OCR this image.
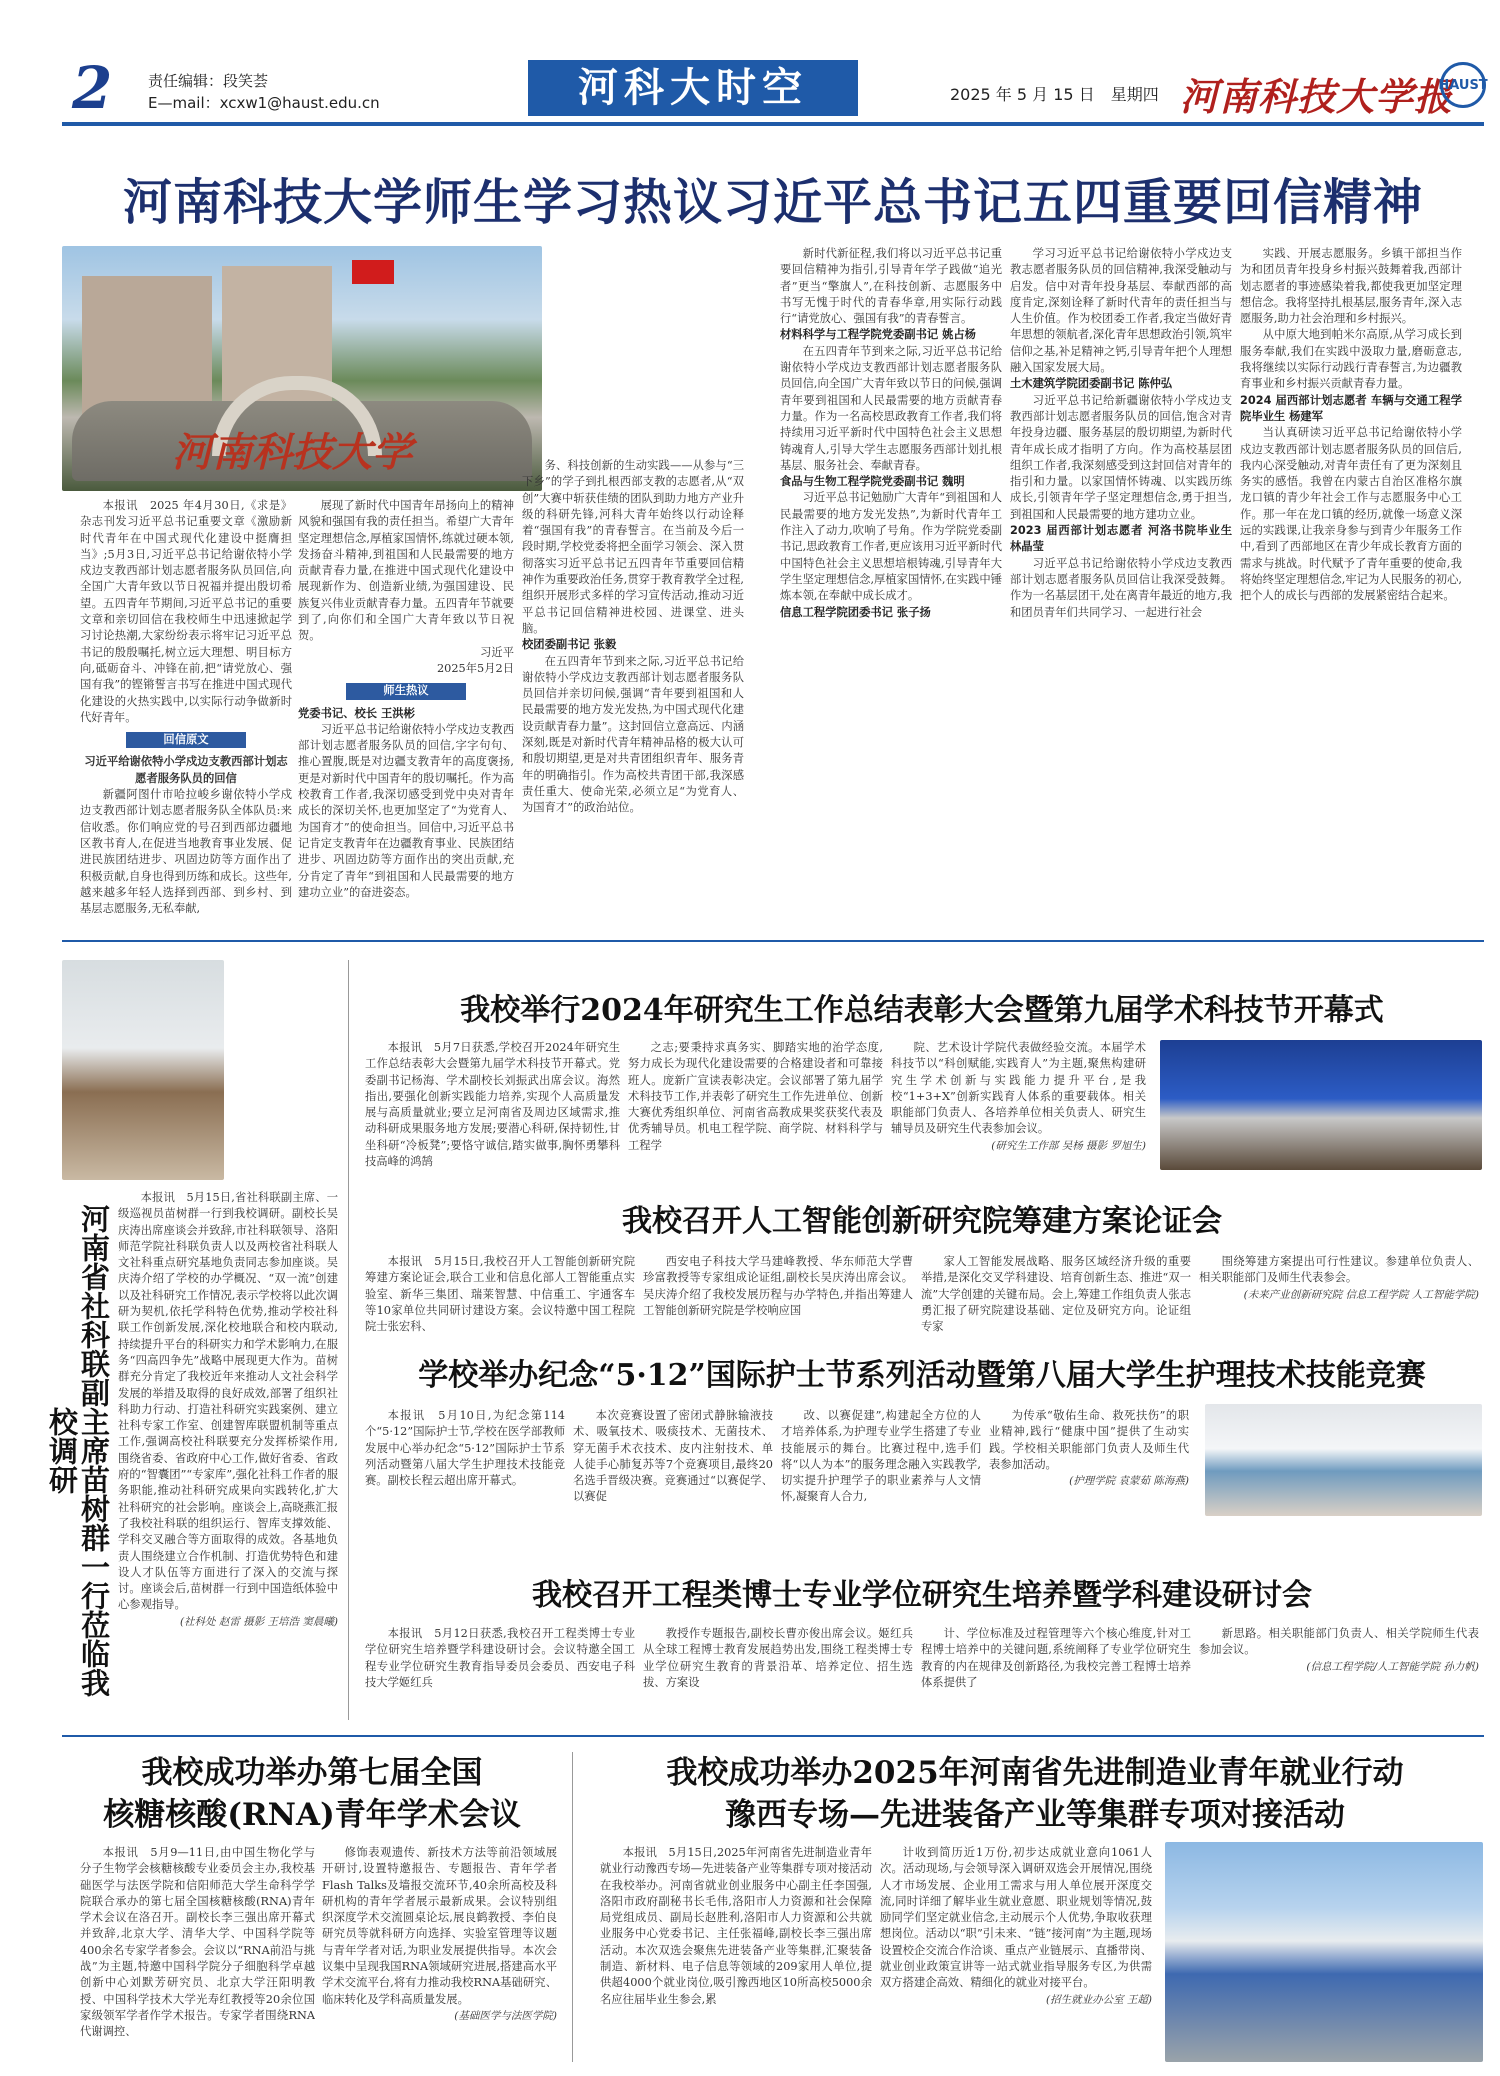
2	责任编辑：段笑荟
E—mail：xcxw1@haust.edu.cn	河科大时空	2025 年 5 月 15 日　星期四 河南科技大学报
HAUST
河南科技大学师生学习热议习近平总书记五四重要回信精神
河南科技大学

本报讯　2025 年4月30日,《求是》杂志刊发习近平总书记重要文章《激励新时代青年在中国式现代化建设中挺膺担当》;5月3日,习近平总书记给谢依特小学戍边支教西部计划志愿者服务队员回信,向全国广大青年致以节日祝福并提出殷切希望。五四青年节期间,习近平总书记的重要文章和亲切回信在我校师生中迅速掀起学习讨论热潮,大家纷纷表示将牢记习近平总书记的殷殷嘱托,树立远大理想、明目标方向,砥砺奋斗、冲锋在前,把“请党放心、强国有我”的铿锵誓言书写在推进中国式现代化建设的火热实践中,以实际行动争做新时代好青年。

回信原文

习近平给谢依特小学戍边支教西部计划志愿者服务队员的回信

新疆阿图什市哈拉峻乡谢依特小学戍边支教西部计划志愿者服务队全体队员:来信收悉。你们响应党的号召到西部边疆地区教书育人,在促进当地教育事业发展、促进民族团结进步、巩固边防等方面作出了积极贡献,自身也得到历练和成长。这些年,越来越多年轻人选择到西部、到乡村、到基层志愿服务,无私奉献,

展现了新时代中国青年昂扬向上的精神风貌和强国有我的责任担当。希望广大青年坚定理想信念,厚植家国情怀,练就过硬本领,发扬奋斗精神,到祖国和人民最需要的地方贡献青春力量,在推进中国式现代化建设中展现新作为、创造新业绩,为强国建设、民族复兴伟业贡献青春力量。五四青年节就要到了,向你们和全国广大青年致以节日祝贺。

习近平

2025年5月2日

师生热议

党委书记、校长 王洪彬

习近平总书记给谢依特小学戍边支教西部计划志愿者服务队员的回信,字字句句、推心置腹,既是对边疆支教青年的高度褒扬,更是对新时代中国青年的殷切嘱托。作为高校教育工作者,我深切感受到党中央对青年成长的深切关怀,也更加坚定了“为党育人、为国育才”的使命担当。回信中,习近平总书记肯定支教青年在边疆教育事业、民族团结进步、巩固边防等方面作出的突出贡献,充分肯定了青年“到祖国和人民最需要的地方建功立业”的奋进姿态。

务、科技创新的生动实践——从参与“三下乡”的学子到扎根西部支教的志愿者,从“双创”大赛中斩获佳绩的团队到助力地方产业升级的科研先锋,河科大青年始终以行动诠释着“强国有我”的青春誓言。在当前及今后一段时期,学校党委将把全面学习领会、深入贯彻落实习近平总书记五四青年节重要回信精神作为重要政治任务,贯穿于教育教学全过程,组织开展形式多样的学习宣传活动,推动习近平总书记回信精神进校园、进课堂、进头脑。

校团委副书记 张毅

在五四青年节到来之际,习近平总书记给谢依特小学戍边支教西部计划志愿者服务队员回信并亲切问候,强调“青年要到祖国和人民最需要的地方发光发热,为中国式现代化建设贡献青春力量”。这封回信立意高远、内涵深刻,既是对新时代青年精神品格的极大认可和殷切期望,更是对共青团组织青年、服务青年的明确指引。作为高校共青团干部,我深感责任重大、使命光荣,必须立足“为党育人、为国育才”的政治站位。

新时代新征程,我们将以习近平总书记重要回信精神为指引,引导青年学子践做“追光者”更当“擎旗人”,在科技创新、志愿服务中书写无愧于时代的青春华章,用实际行动践行“请党放心、强国有我”的青春誓言。

材料科学与工程学院党委副书记 姚占杨

在五四青年节到来之际,习近平总书记给谢依特小学戍边支教西部计划志愿者服务队员回信,向全国广大青年致以节日的问候,强调青年要到祖国和人民最需要的地方贡献青春力量。作为一名高校思政教育工作者,我们将持续用习近平新时代中国特色社会主义思想铸魂育人,引导大学生志愿服务西部计划扎根基层、服务社会、奉献青春。

食品与生物工程学院党委副书记 魏明

习近平总书记勉励广大青年“到祖国和人民最需要的地方发光发热”,为新时代青年工作注入了动力,吹响了号角。作为学院党委副书记,思政教育工作者,更应该用习近平新时代中国特色社会主义思想培根铸魂,引导青年大学生坚定理想信念,厚植家国情怀,在实践中锤炼本领,在奉献中成长成才。

信息工程学院团委书记 张子扬

学习习近平总书记给谢依特小学戍边支教志愿者服务队员的回信精神,我深受触动与启发。信中对青年投身基层、奉献西部的高度肯定,深刻诠释了新时代青年的责任担当与人生价值。作为校团委工作者,我定当做好青年思想的领航者,深化青年思想政治引领,筑牢信仰之基,补足精神之钙,引导青年把个人理想融入国家发展大局。

土木建筑学院团委副书记 陈仲弘

习近平总书记给新疆谢依特小学戍边支教西部计划志愿者服务队员的回信,饱含对青年投身边疆、服务基层的殷切期望,为新时代青年成长成才指明了方向。作为高校基层团组织工作者,我深刻感受到这封回信对青年的指引和力量。以家国情怀铸魂、以实践历练成长,引领青年学子坚定理想信念,勇于担当,到祖国和人民最需要的地方建功立业。

2023 届西部计划志愿者 河洛书院毕业生 林晶莹

习近平总书记给谢依特小学戍边支教西部计划志愿者服务队员回信让我深受鼓舞。作为一名基层团干,处在离青年最近的地方,我和团员青年们共同学习、一起进行社会

实践、开展志愿服务。乡镇干部担当作为和团员青年投身乡村振兴鼓舞着我,西部计划志愿者的事迹感染着我,都使我更加坚定理想信念。我将坚持扎根基层,服务青年,深入志愿服务,助力社会治理和乡村振兴。

从中原大地到帕米尔高原,从学习成长到服务奉献,我们在实践中汲取力量,磨砺意志,我将继续以实际行动践行青春誓言,为边疆教育事业和乡村振兴贡献青春力量。

2024 届西部计划志愿者 车辆与交通工程学院毕业生 杨建军

当认真研读习近平总书记给谢依特小学戍边支教西部计划志愿者服务队员的回信后,我内心深受触动,对青年责任有了更为深刻且务实的感悟。我曾在内蒙古自治区准格尔旗龙口镇的青少年社会工作与志愿服务中心工作。那一年在龙口镇的经历,就像一场意义深远的实践课,让我亲身参与到青少年服务工作中,看到了西部地区在青少年成长教育方面的需求与挑战。时代赋予了青年重要的使命,我将始终坚定理想信念,牢记为人民服务的初心,把个人的成长与西部的发展紧密结合起来。

河南省社科联副主席苗树群一行莅临我校调研

本报讯　5月15日,省社科联副主席、一级巡视员苗树群一行到我校调研。副校长吴庆涛出席座谈会并致辞,市社科联领导、洛阳师范学院社科联负责人以及两校省社科联人文社科重点研究基地负责同志参加座谈。吴庆涛介绍了学校的办学概况、“双一流”创建以及社科研究工作情况,表示学校将以此次调研为契机,依托学科特色优势,推动学校社科联工作创新发展,深化校地联合和校内联动,持续提升平台的科研实力和学术影响力,在服务“四高四争先”战略中展现更大作为。苗树群充分肯定了我校近年来推动人文社会科学发展的举措及取得的良好成效,部署了组织社科助力行动、打造社科研究实践案例、建立社科专家工作室、创建智库联盟机制等重点工作,强调高校社科联要充分发挥桥梁作用,围绕省委、省政府中心工作,做好省委、省政府的“智囊团”“专家库”,强化社科工作者的服务职能,推动社科研究成果向实践转化,扩大社科研究的社会影响。座谈会上,高晓燕汇报了我校社科联的组织运行、智库支撑效能、学科交叉融合等方面取得的成效。各基地负责人围绕建立合作机制、打造优势特色和建设人才队伍等方面进行了深入的交流与探讨。座谈会后,苗树群一行到中国造纸体验中心参观指导。

(社科处 赵雷 摄影 王培浩 窦晨曦)

我校举行2024年研究生工作总结表彰大会暨第九届学术科技节开幕式

本报讯　5月7日获悉,学校召开2024年研究生工作总结表彰大会暨第九届学术科技节开幕式。党委副书记杨海、学术副校长刘振武出席会议。海然指出,要强化创新实践能力培养,实现个人高质量发展与高质量就业;要立足河南省及周边区域需求,推动科研成果服务地方发展;要潜心科研,保持韧性,甘坐科研“冷板凳”;要恪守诚信,踏实做事,胸怀勇攀科技高峰的鸿鹄

之志;要秉持求真务实、脚踏实地的治学态度,努力成长为现代化建设需要的合格建设者和可靠接班人。庞新广宣读表彰决定。会议部署了第九届学术科技节工作,并表彰了研究生工作先进单位、创新大赛优秀组织单位、河南省高教成果奖获奖代表及优秀辅导员。机电工程学院、商学院、材料科学与工程学

院、艺术设计学院代表做经验交流。本届学术科技节以“科创赋能,实践育人”为主题,聚焦构建研究生学术创新与实践能力提升平台,是我校“1+3+X”创新实践育人体系的重要载体。相关职能部门负责人、各培养单位相关负责人、研究生辅导员及研究生代表参加会议。

(研究生工作部 吴杨 摄影 罗旭生)

我校召开人工智能创新研究院筹建方案论证会

本报讯　5月15日,我校召开人工智能创新研究院筹建方案论证会,联合工业和信息化部人工智能重点实验室、新华三集团、瑞莱智慧、中信重工、宇通客车等10家单位共同研讨建设方案。会议特邀中国工程院院士张宏科、

西安电子科技大学马建峰教授、华东师范大学曹珍富教授等专家组成论证组,副校长吴庆涛出席会议。吴庆涛介绍了我校发展历程与办学特色,并指出筹建人工智能创新研究院是学校响应国

家人工智能发展战略、服务区域经济升级的重要举措,是深化交叉学科建设、培育创新生态、推进“双一流”大学创建的关键布局。会上,筹建工作组负责人张志勇汇报了研究院建设基础、定位及研究方向。论证组专家

围绕筹建方案提出可行性建议。参建单位负责人、相关职能部门及师生代表参会。

(未来产业创新研究院 信息工程学院 人工智能学院)

学校举办纪念“5·12”国际护士节系列活动暨第八届大学生护理技术技能竞赛

本报讯　5月10日,为纪念第114个“5·12”国际护士节,学校在医学部教师发展中心举办纪念“5·12”国际护士节系列活动暨第八届大学生护理技术技能竞赛。副校长程云超出席开幕式。

本次竞赛设置了密闭式静脉输液技术、吸氧技术、吸痰技术、无菌技术、穿无菌手术衣技术、皮内注射技术、单人徒手心肺复苏等7个竞赛项目,最终20名选手晋级决赛。竞赛通过“以赛促学、以赛促

改、以赛促建”,构建起全方位的人才培养体系,为护理专业学生搭建了专业技能展示的舞台。比赛过程中,选手们将“以人为本”的服务理念融入实践教学,切实提升护理学子的职业素养与人文情怀,凝聚育人合力,

为传承“敬佑生命、救死扶伤”的职业精神,践行“健康中国”提供了生动实践。学校相关职能部门负责人及师生代表参加活动。

(护理学院 袁蒙茹 陈海燕)

我校召开工程类博士专业学位研究生培养暨学科建设研讨会

本报讯　5月12日获悉,我校召开工程类博士专业学位研究生培养暨学科建设研讨会。会议特邀全国工程专业学位研究生教育指导委员会委员、西安电子科技大学姬红兵

教授作专题报告,副校长曹亦俊出席会议。姬红兵从全球工程博士教育发展趋势出发,围绕工程类博士专业学位研究生教育的背景沿革、培养定位、招生选拔、方案设

计、学位标准及过程管理等六个核心维度,针对工程博士培养中的关键问题,系统阐释了专业学位研究生教育的内在规律及创新路径,为我校完善工程博士培养体系提供了

新思路。相关职能部门负责人、相关学院师生代表参加会议。

(信息工程学院/人工智能学院 孙力帆)

我校成功举办第七届全国
核糖核酸(RNA)青年学术会议

本报讯　5月9—11日,由中国生物化学与分子生物学会核糖核酸专业委员会主办,我校基础医学与法医学院和信阳师范大学生命科学学院联合承办的第七届全国核糖核酸(RNA)青年学术会议在洛召开。副校长李三强出席开幕式并致辞,北京大学、清华大学、中国科学院等400余名专家学者参会。会议以“RNA前沿与挑战”为主题,特邀中国科学院分子细胞科学卓越创新中心刘默芳研究员、北京大学汪阳明教授、中国科学技术大学光寿红教授等20余位国家级领军学者作学术报告。专家学者围绕RNA代谢调控、

修饰表观遗传、新技术方法等前沿领域展开研讨,设置特邀报告、专题报告、青年学者Flash Talks及墙报交流环节,40余所高校及科研机构的青年学者展示最新成果。会议特别组织深度学术交流圆桌论坛,展良鹤教授、李伯良研究员等就科研方向选择、实验室管理等议题与青年学者对话,为职业发展提供指导。本次会议集中呈现我国RNA领域研究进展,搭建高水平学术交流平台,将有力推动我校RNA基础研究、临床转化及学科高质量发展。

(基础医学与法医学院)

我校成功举办2025年河南省先进制造业青年就业行动
豫西专场—先进装备产业等集群专项对接活动

本报讯　5月15日,2025年河南省先进制造业青年就业行动豫西专场—先进装备产业等集群专项对接活动在我校举办。河南省就业创业服务中心副主任李国强,洛阳市政府副秘书长毛伟,洛阳市人力资源和社会保障局党组成员、副局长赵胜利,洛阳市人力资源和公共就业服务中心党委书记、主任张福峰,副校长李三强出席活动。本次双选会聚焦先进装备产业等集群,汇聚装备制造、新材料、电子信息等领域的209家用人单位,提供超4000个就业岗位,吸引豫西地区10所高校5000余名应往届毕业生参会,累

计收到简历近1万份,初步达成就业意向1061人次。活动现场,与会领导深入调研双选会开展情况,围绕人才市场发展、企业用工需求与用人单位展开深度交流,同时详细了解毕业生就业意愿、职业规划等情况,鼓励同学们坚定就业信念,主动展示个人优势,争取收获理想岗位。活动以“职”引未来、“链”接河南”为主题,现场设置校企交流合作洽谈、重点产业链展示、直播带岗、就业创业政策宣讲等一站式就业指导服务专区,为供需双方搭建企高效、精细化的就业对接平台。

(招生就业办公室 王超)
